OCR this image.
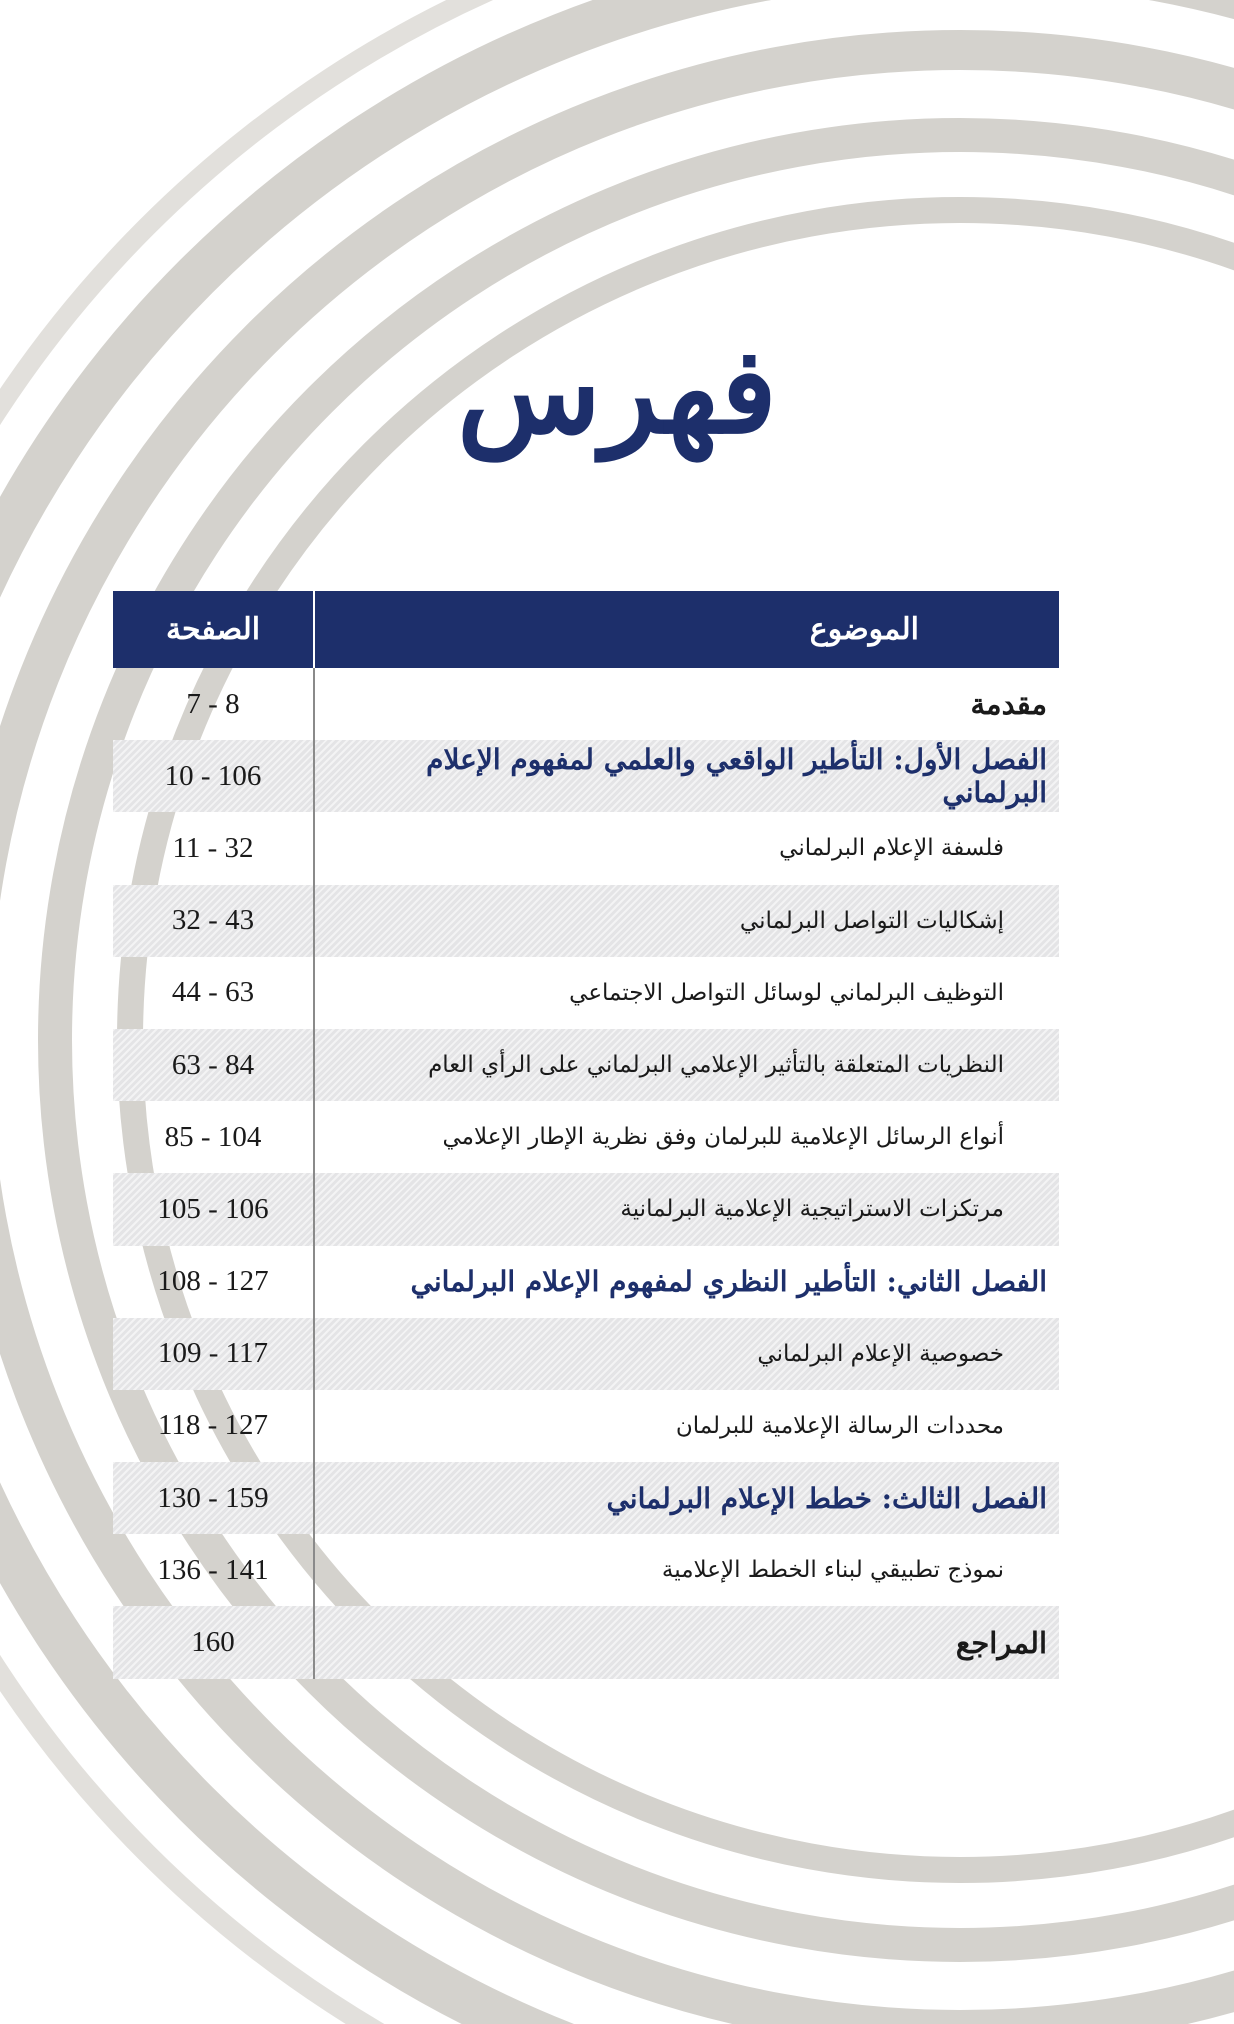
فهرس
الموضوع
الصفحة
مقدمة
7 - 8
الفصل الأول: التأطير الواقعي والعلمي لمفهوم الإعلام البرلماني
10 - 106
فلسفة الإعلام البرلماني
11 - 32
إشكاليات التواصل البرلماني
32 - 43
التوظيف البرلماني لوسائل التواصل الاجتماعي
44 - 63
النظريات المتعلقة بالتأثير الإعلامي البرلماني على الرأي العام
63 - 84
أنواع الرسائل الإعلامية للبرلمان وفق نظرية الإطار الإعلامي
85 - 104
مرتكزات الاستراتيجية الإعلامية البرلمانية
105 - 106
الفصل الثاني: التأطير النظري لمفهوم الإعلام البرلماني
108 - 127
خصوصية الإعلام البرلماني
109 - 117
محددات الرسالة الإعلامية للبرلمان
118 - 127
الفصل الثالث: خطط الإعلام البرلماني
130 - 159
نموذج تطبيقي لبناء الخطط الإعلامية
136 - 141
المراجع
160
